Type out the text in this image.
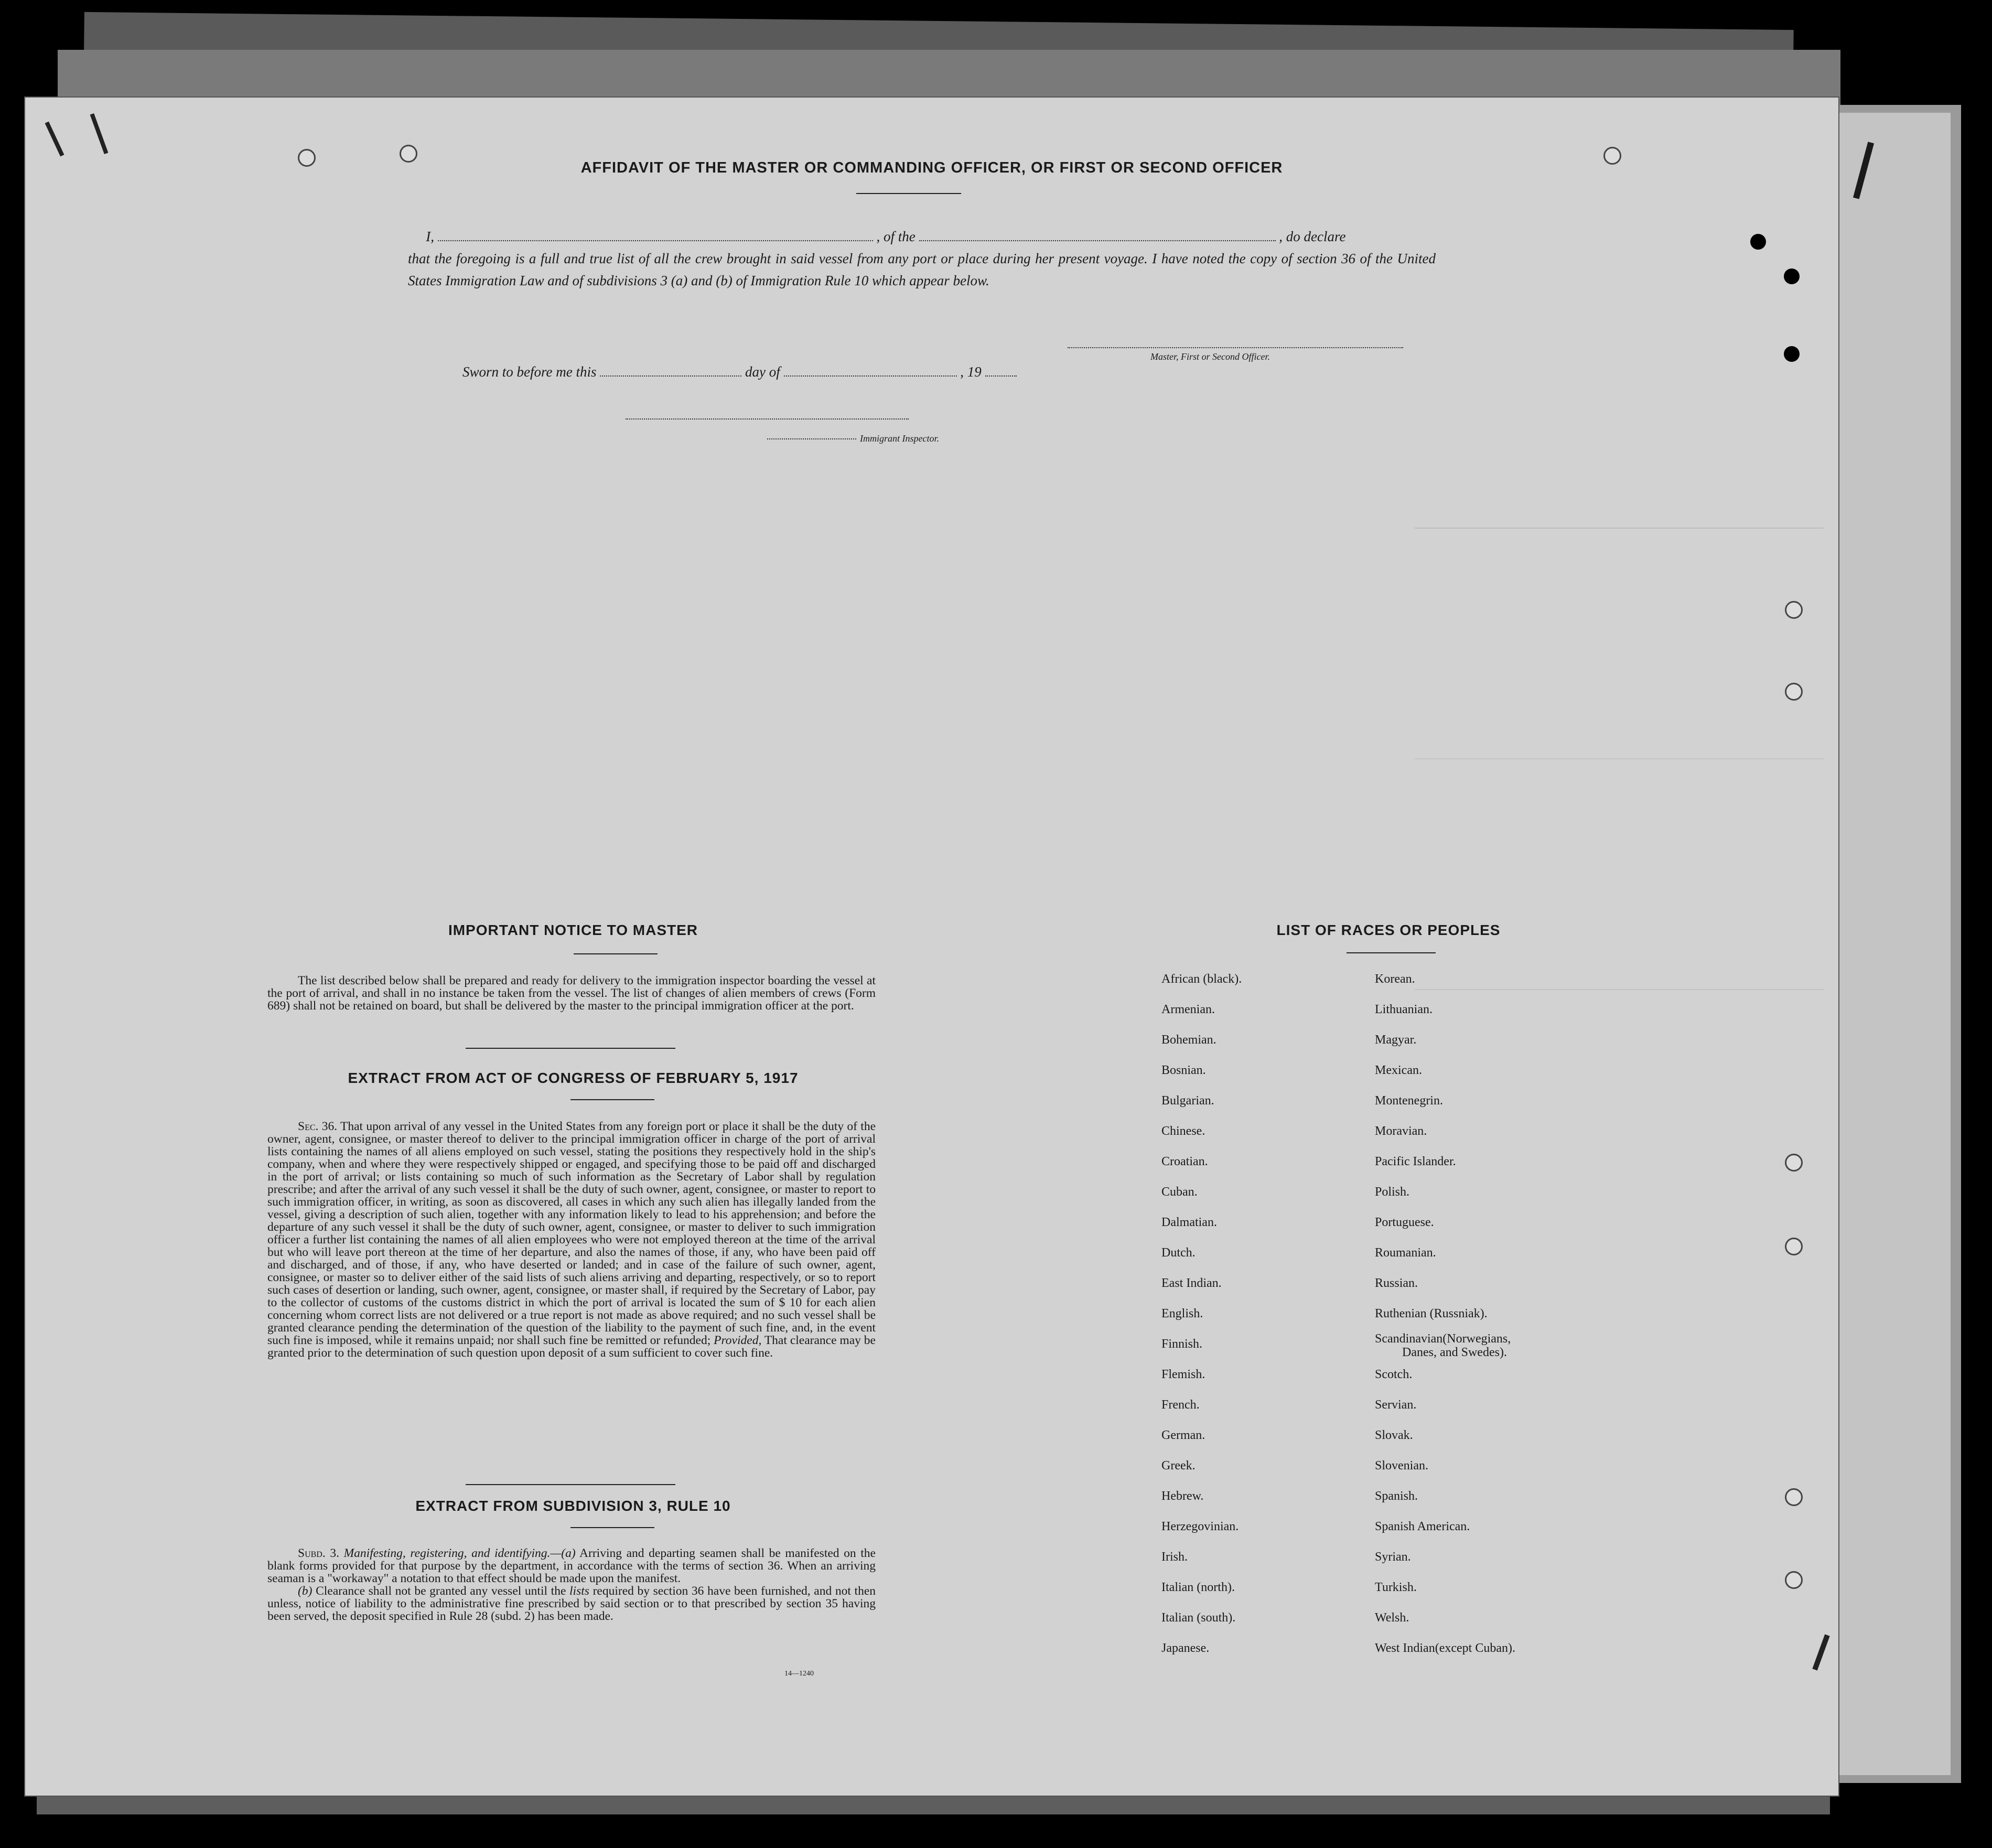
AFFIDAVIT OF THE MASTER OR COMMANDING OFFICER, OR FIRST OR SECOND OFFICER
I,	, of the	, do declare
that the foregoing is a full and true list of all the crew brought in said vessel from any port or place during her present voyage. I have noted the copy of section 36 of the United States Immigration Law and of subdivisions 3 (a) and (b) of Immigration Rule 10 which appear below.
Master, First or Second Officer.
Sworn to before me this	day of	, 19
Immigrant Inspector.
IMPORTANT NOTICE TO MASTER
The list described below shall be prepared and ready for delivery to the immigration inspector boarding the vessel at the port of arrival, and shall in no instance be taken from the vessel. The list of changes of alien members of crews (Form 689) shall not be retained on board, but shall be delivered by the master to the principal immigration officer at the port.
EXTRACT FROM ACT OF CONGRESS OF FEBRUARY 5, 1917
Sec. 36. That upon arrival of any vessel in the United States from any foreign port or place it shall be the duty of the owner, agent, consignee, or master thereof to deliver to the principal immigration officer in charge of the port of arrival lists containing the names of all aliens employed on such vessel, stating the positions they respectively hold in the ship's company, when and where they were respectively shipped or engaged, and specifying those to be paid off and discharged in the port of arrival; or lists containing so much of such information as the Secretary of Labor shall by regulation prescribe; and after the arrival of any such vessel it shall be the duty of such owner, agent, consignee, or master to report to such immigration officer, in writing, as soon as discovered, all cases in which any such alien has illegally landed from the vessel, giving a description of such alien, together with any information likely to lead to his apprehension; and before the departure of any such vessel it shall be the duty of such owner, agent, consignee, or master to deliver to such immigration officer a further list containing the names of all alien employees who were not employed thereon at the time of the arrival but who will leave port thereon at the time of her departure, and also the names of those, if any, who have been paid off and discharged, and of those, if any, who have deserted or landed; and in case of the failure of such owner, agent, consignee, or master so to deliver either of the said lists of such aliens arriving and departing, respectively, or so to report such cases of desertion or landing, such owner, agent, consignee, or master shall, if required by the Secretary of Labor, pay to the collector of customs of the customs district in which the port of arrival is located the sum of $ 10 for each alien concerning whom correct lists are not delivered or a true report is not made as above required; and no such vessel shall be granted clearance pending the determination of the question of the liability to the payment of such fine, and, in the event such fine is imposed, while it remains unpaid; nor shall such fine be remitted or refunded; Provided, That clearance may be granted prior to the determination of such question upon deposit of a sum sufficient to cover such fine.
EXTRACT FROM SUBDIVISION 3, RULE 10
Subd. 3. Manifesting, registering, and identifying.—(a) Arriving and departing seamen shall be manifested on the blank forms provided for that purpose by the department, in accordance with the terms of section 36. When an arriving seaman is a "workaway" a notation to that effect should be made upon the manifest.
(b) Clearance shall not be granted any vessel until the lists required by section 36 have been furnished, and not then unless, notice of liability to the administrative fine prescribed by said section or to that prescribed by section 35 having been served, the deposit specified in Rule 28 (subd. 2) has been made.
14—1240
LIST OF RACES OR PEOPLES
African (black).
Armenian.
Bohemian.
Bosnian.
Bulgarian.
Chinese.
Croatian.
Cuban.
Dalmatian.
Dutch.
East Indian.
English.
Finnish.
Flemish.
French.
German.
Greek.
Hebrew.
Herzegovinian.
Irish.
Italian (north).
Italian (south).
Japanese.
Korean.
Lithuanian.
Magyar.
Mexican.
Montenegrin.
Moravian.
Pacific Islander.
Polish.
Portuguese.
Roumanian.
Russian.
Ruthenian (Russniak).
Scandinavian(Norwegians,
Danes, and Swedes).
Scotch.
Servian.
Slovak.
Slovenian.
Spanish.
Spanish American.
Syrian.
Turkish.
Welsh.
West Indian(except Cuban).
